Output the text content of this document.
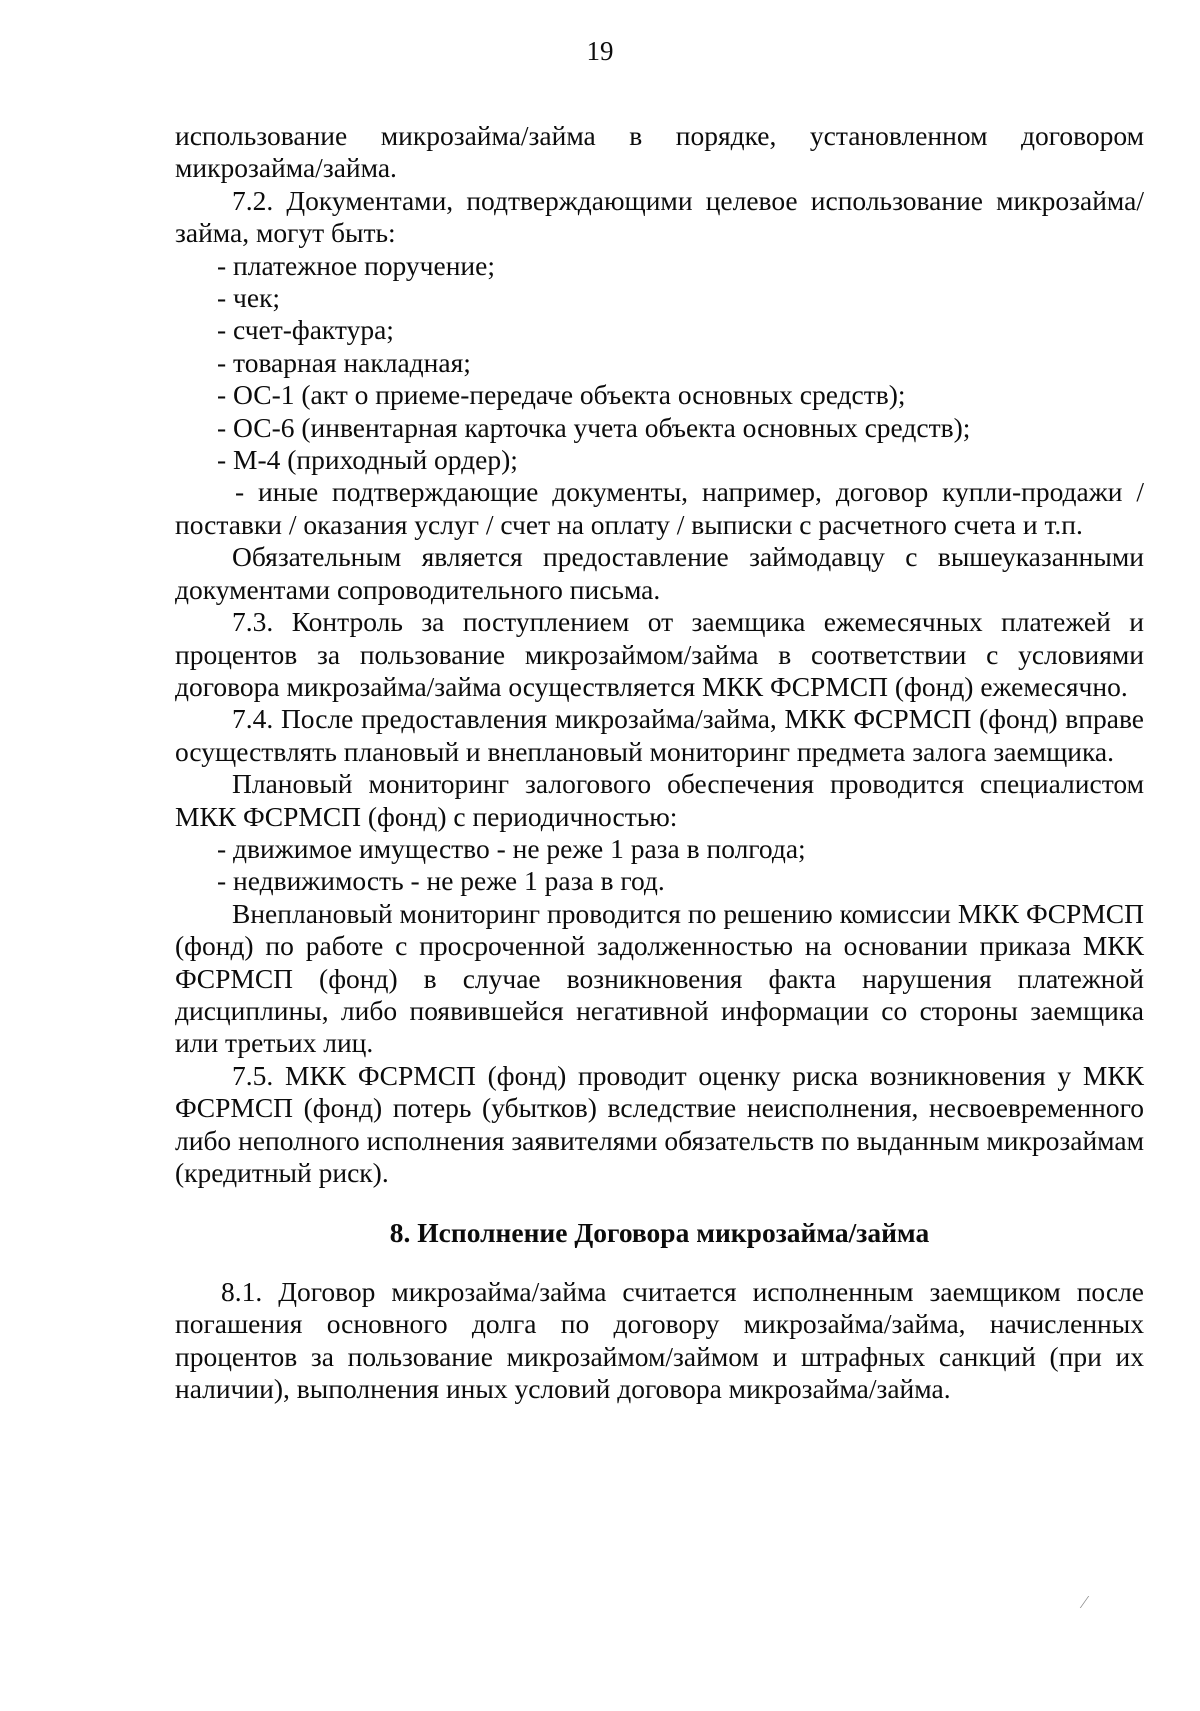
19

использование микрозайма/займа в порядке, установленном договором микрозайма/займа.

7.2. Документами, подтверждающими целевое использование микрозайма/займа, могут быть:

- платежное поручение;

- чек;

- счет-фактура;

- товарная накладная;

- ОС-1 (акт о приеме-передаче объекта основных средств);

- ОС-6 (инвентарная карточка учета объекта основных средств);

- М-4 (приходный ордер);

- иные подтверждающие документы, например, договор купли-продажи / поставки / оказания услуг / счет на оплату / выписки с расчетного счета и т.п.

Обязательным является предоставление займодавцу с вышеуказанными документами сопроводительного письма.

7.3. Контроль за поступлением от заемщика ежемесячных платежей и процентов за пользование микрозаймом/займа в соответствии с условиями договора микрозайма/займа осуществляется МКК ФСРМСП (фонд) ежемесячно.

7.4. После предоставления микрозайма/займа, МКК ФСРМСП (фонд) вправе осуществлять плановый и внеплановый мониторинг предмета залога заемщика.

Плановый мониторинг залогового обеспечения проводится специалистом МКК ФСРМСП (фонд) с периодичностью:

- движимое имущество - не реже 1 раза в полгода;

- недвижимость - не реже 1 раза в год.

Внеплановый мониторинг проводится по решению комиссии МКК ФСРМСП (фонд) по работе с просроченной задолженностью на основании приказа МКК ФСРМСП (фонд) в случае возникновения факта нарушения платежной дисциплины, либо появившейся негативной информации со стороны заемщика или третьих лиц.

7.5. МКК ФСРМСП (фонд) проводит оценку риска возникновения у МКК ФСРМСП (фонд) потерь (убытков) вследствие неисполнения, несвоевременного либо неполного исполнения заявителями обязательств по выданным микрозаймам (кредитный риск).

8. Исполнение Договора микрозайма/займа

8.1. Договор микрозайма/займа считается исполненным заемщиком после погашения основного долга по договору микрозайма/займа, начисленных процентов за пользование микрозаймом/займом и штрафных санкций (при их наличии), выполнения иных условий договора микрозайма/займа.

⁄
